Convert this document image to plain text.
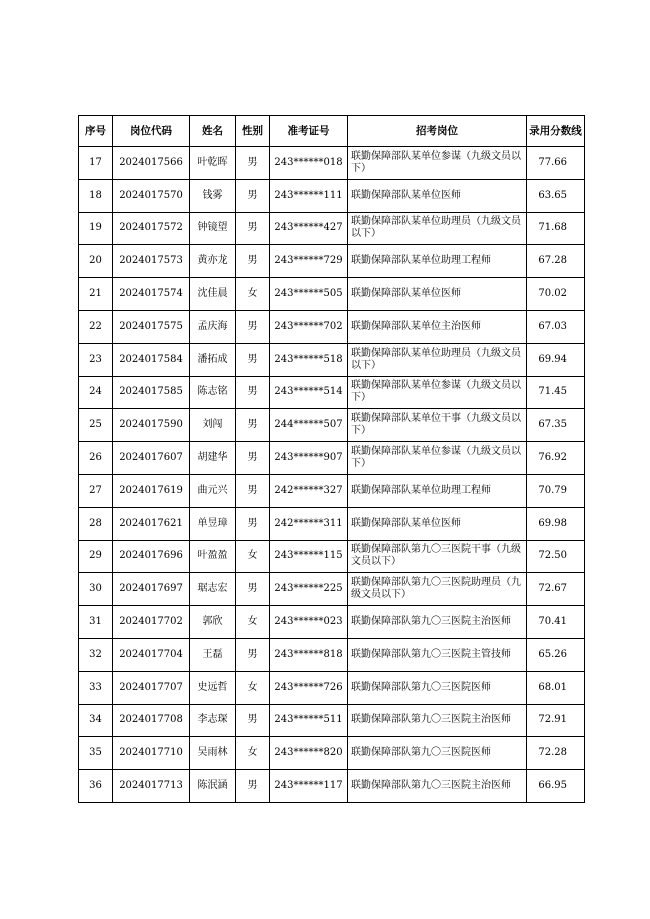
序号	岗位代码	姓名	性别	准考证号	招考岗位	录用分数线
17	2024017566	叶乾晖	男	243******018	联勤保障部队某单位参谋（九级文员以下）	77.66
18	2024017570	钱雾	男	243******111	联勤保障部队某单位医师	63.65
19	2024017572	钟镜望	男	243******427	联勤保障部队某单位助理员（九级文员以下）	71.68
20	2024017573	黄亦龙	男	243******729	联勤保障部队某单位助理工程师	67.28
21	2024017574	沈佳晨	女	243******505	联勤保障部队某单位医师	70.02
22	2024017575	孟庆海	男	243******702	联勤保障部队某单位主治医师	67.03
23	2024017584	潘拓成	男	243******518	联勤保障部队某单位助理员（九级文员以下）	69.94
24	2024017585	陈志铭	男	243******514	联勤保障部队某单位参谋（九级文员以下）	71.45
25	2024017590	刘闯	男	244******507	联勤保障部队某单位干事（九级文员以下）	67.35
26	2024017607	胡建华	男	243******907	联勤保障部队某单位参谋（九级文员以下）	76.92
27	2024017619	曲元兴	男	242******327	联勤保障部队某单位助理工程师	70.79
28	2024017621	单昱璋	男	242******311	联勤保障部队某单位医师	69.98
29	2024017696	叶盈盈	女	243******115	联勤保障部队第九〇三医院干事（九级文员以下）	72.50
30	2024017697	琚志宏	男	243******225	联勤保障部队第九〇三医院助理员（九级文员以下）	72.67
31	2024017702	郭欣	女	243******023	联勤保障部队第九〇三医院主治医师	70.41
32	2024017704	王磊	男	243******818	联勤保障部队第九〇三医院主管技师	65.26
33	2024017707	史远哲	女	243******726	联勤保障部队第九〇三医院医师	68.01
34	2024017708	李志琛	男	243******511	联勤保障部队第九〇三医院主治医师	72.91
35	2024017710	吴雨林	女	243******820	联勤保障部队第九〇三医院医师	72.28
36	2024017713	陈泯涵	男	243******117	联勤保障部队第九〇三医院主治医师	66.95
